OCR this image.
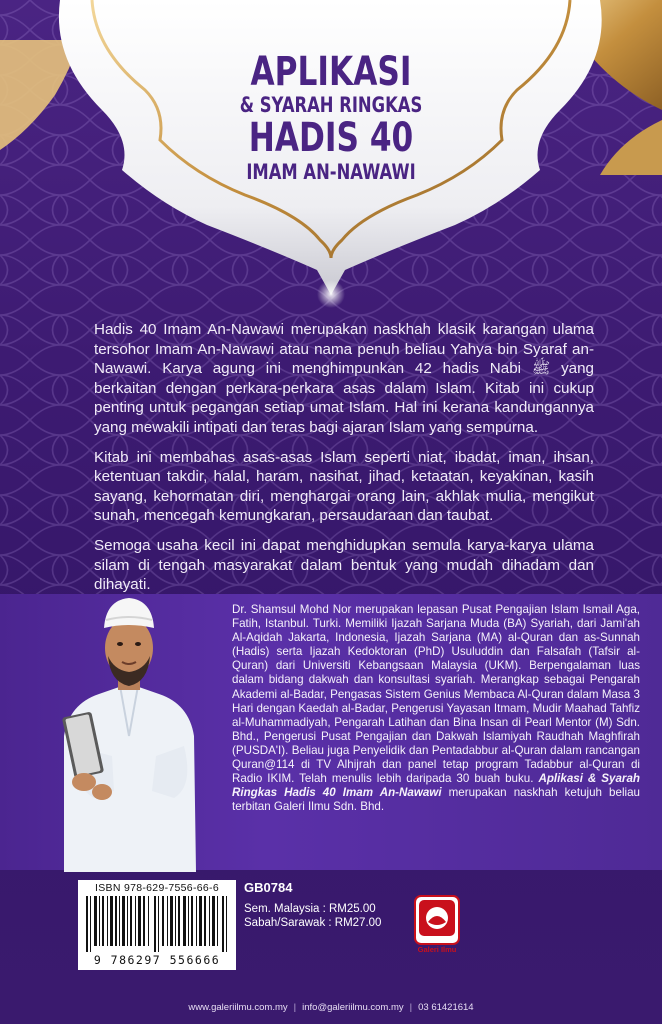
APLIKASI
& SYARAH RINGKAS
HADIS 40
IMAM AN-NAWAWI

Hadis 40 Imam An-Nawawi merupakan naskhah klasik karangan ulama tersohor Imam An-Nawawi atau nama penuh beliau Yahya bin Syaraf an-Nawawi. Karya agung ini menghimpunkan 42 hadis Nabi ﷺ yang berkaitan dengan perkara-perkara asas dalam Islam. Kitab ini cukup penting untuk pegangan setiap umat Islam. Hal ini kerana kandungannya yang mewakili intipati dan teras bagi ajaran Islam yang sempurna.

Kitab ini membahas asas-asas Islam seperti niat, ibadat, iman, ihsan, ketentuan takdir, halal, haram, nasihat, jihad, ketaatan, keyakinan, kasih sayang, kehormatan diri, menghargai orang lain, akhlak mulia, mengikut sunah, mencegah kemungkaran, persaudaraan dan taubat.

Semoga usaha kecil ini dapat menghidupkan semula karya-karya ulama silam di tengah masyarakat dalam bentuk yang mudah dihadam dan dihayati.

Dr. Shamsul Mohd Nor merupakan lepasan Pusat Pengajian Islam Ismail Aga, Fatih, Istanbul. Turki. Memiliki Ijazah Sarjana Muda (BA) Syariah, dari Jami'ah Al-Aqidah Jakarta, Indonesia, Ijazah Sarjana (MA) al-Quran dan as-Sunnah (Hadis) serta Ijazah Kedoktoran (PhD) Usuluddin dan Falsafah (Tafsir al-Quran) dari Universiti Kebangsaan Malaysia (UKM). Berpengalaman luas dalam bidang dakwah dan konsultasi syariah. Merangkap sebagai Pengarah Akademi al-Badar, Pengasas Sistem Genius Membaca Al-Quran dalam Masa 3 Hari dengan Kaedah al-Badar, Pengerusi Yayasan Itmam, Mudir Maahad Tahfiz al-Muhammadiyah, Pengarah Latihan dan Bina Insan di Pearl Mentor (M) Sdn. Bhd., Pengerusi Pusat Pengajian dan Dakwah Islamiyah Raudhah Maghfirah (PUSDA'I). Beliau juga Penyelidik dan Pentadabbur al-Quran dalam rancangan Quran@114 di TV Alhijrah dan panel tetap program Tadabbur al-Quran di Radio IKIM. Telah menulis lebih daripada 30 buah buku. Aplikasi & Syarah Ringkas Hadis 40 Imam An-Nawawi merupakan naskhah ketujuh beliau terbitan Galeri Ilmu Sdn. Bhd.
ISBN 978-629-7556-66-6
9 786297 556666
GB0784
Sem. Malaysia : RM25.00
Sabah/Sarawak : RM27.00
Galeri Ilmu
www.galeriilmu.com.my | info@galeriilmu.com.my | 03 61421614
